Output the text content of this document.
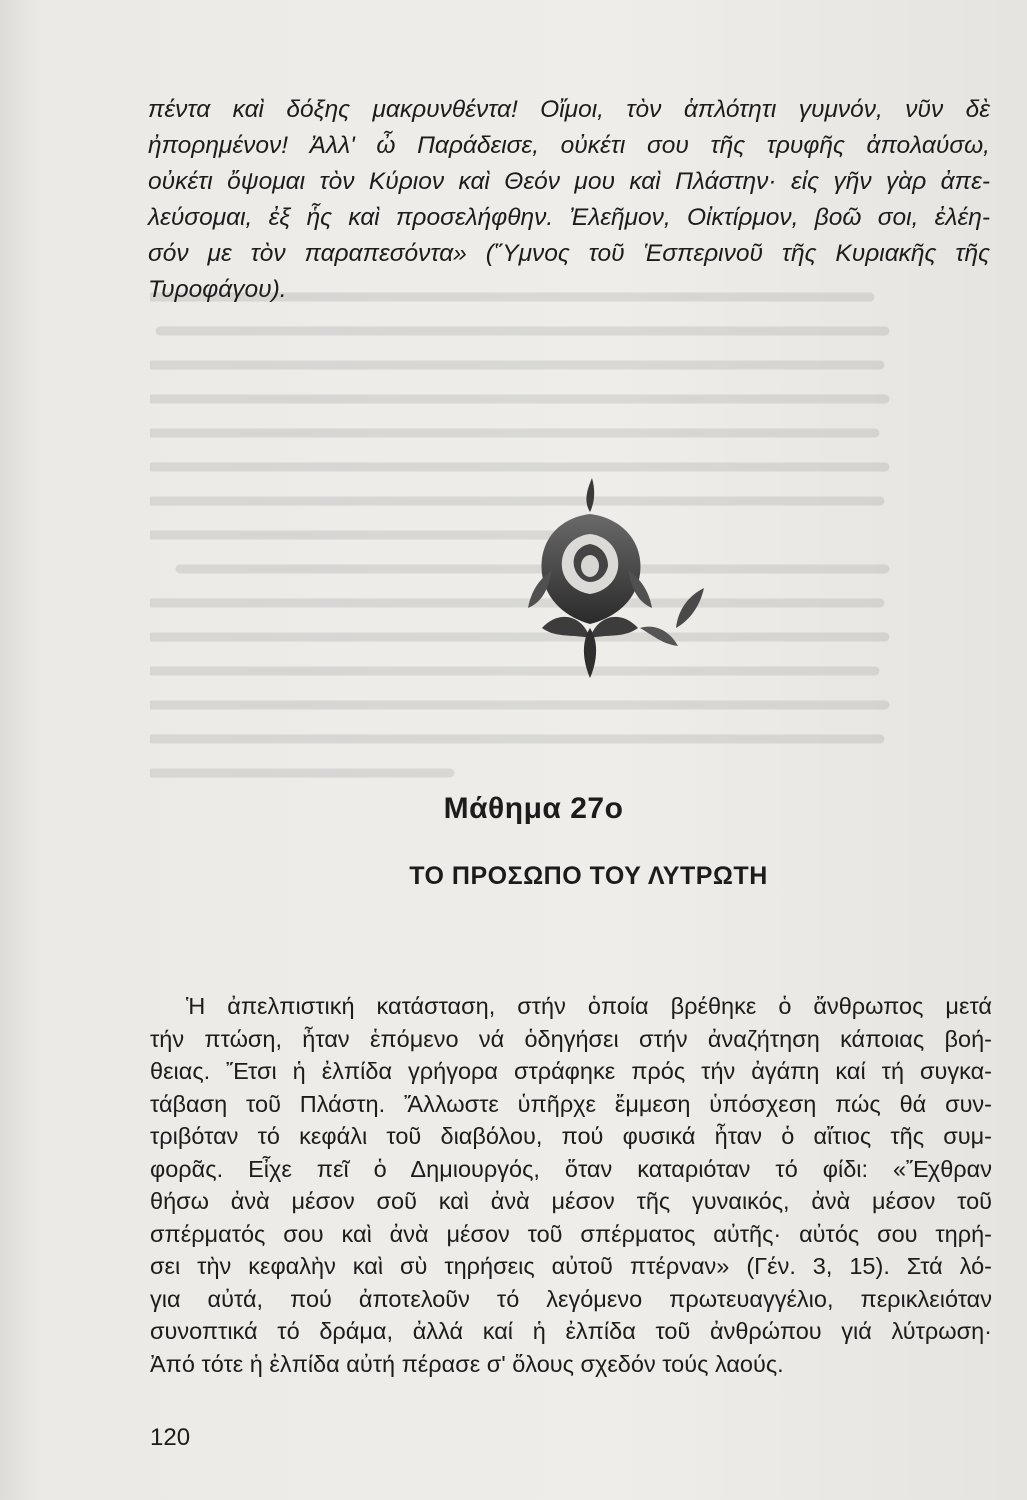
πέντα καὶ δόξης μακρυνθέντα! Οἴμοι, τὸν ἁπλότητι γυμνόν, νῦν δὲ
ἠπορημένον! Ἀλλ' ὦ Παράδεισε, οὐκέτι σου τῆς τρυφῆς ἀπολαύσω,
οὐκέτι ὄψομαι τὸν Κύριον καὶ Θεόν μου καὶ Πλάστην· εἰς γῆν γὰρ ἀπε-
λεύσομαι, ἐξ ἧς καὶ προσελήφθην. Ἐλεῆμον, Οἰκτίρμον, βοῶ σοι, ἐλέη-
σόν με τὸν παραπεσόντα» (Ὕμνος τοῦ Ἑσπερινοῦ τῆς Κυριακῆς τῆς
Τυροφάγου).
Μάθημα 27ο
ΤΟ ΠΡΟΣΩΠΟ ΤΟΥ ΛΥΤΡΩΤΗ
Ἡ ἀπελπιστική κατάσταση, στήν ὁποία βρέθηκε ὁ ἄνθρωπος μετά
τήν πτώση, ἦταν ἑπόμενο νά ὁδηγήσει στήν ἀναζήτηση κάποιας βοή-
θειας. Ἔτσι ἡ ἐλπίδα γρήγορα στράφηκε πρός τήν ἀγάπη καί τή συγκα-
τάβαση τοῦ Πλάστη. Ἄλλωστε ὑπῆρχε ἔμμεση ὑπόσχεση πώς θά συν-
τριβόταν τό κεφάλι τοῦ διαβόλου, πού φυσικά ἦταν ὁ αἴτιος τῆς συμ-
φορᾶς. Εἶχε πεῖ ὁ Δημιουργός, ὅταν καταριόταν τό φίδι: «Ἔχθραν
θήσω ἀνὰ μέσον σοῦ καὶ ἀνὰ μέσον τῆς γυναικός, ἀνὰ μέσον τοῦ
σπέρματός σου καὶ ἀνὰ μέσον τοῦ σπέρματος αὐτῆς· αὐτός σου τηρή-
σει τὴν κεφαλὴν καὶ σὺ τηρήσεις αὐτοῦ πτέρναν» (Γέν. 3, 15). Στά λό-
για αὐτά, πού ἀποτελοῦν τό λεγόμενο πρωτευαγγέλιο, περικλειόταν
συνοπτικά τό δράμα, ἀλλά καί ἡ ἐλπίδα τοῦ ἀνθρώπου γιά λύτρωση·
Ἀπό τότε ἡ ἐλπίδα αὐτή πέρασε σ' ὅλους σχεδόν τούς λαούς.
120
